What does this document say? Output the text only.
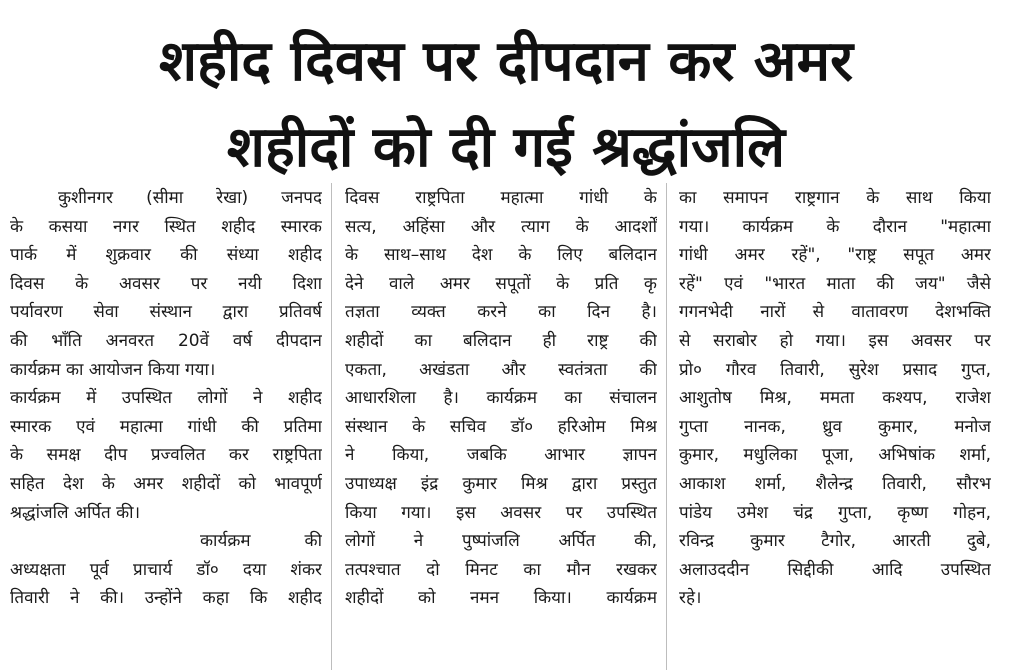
शहीद दिवस पर दीपदान कर अमर
शहीदों को दी गई श्रद्धांजलि
कुशीनगर (सीमा रेखा) जनपद
के कसया नगर स्थित शहीद स्मारक
पार्क में शुक्रवार की संध्या शहीद
दिवस के अवसर पर नयी दिशा
पर्यावरण सेवा संस्थान द्वारा प्रतिवर्ष
की भाँति अनवरत 20वें वर्ष दीपदान
कार्यक्रम का आयोजन किया गया।
कार्यक्रम में उपस्थित लोगों ने शहीद
स्मारक एवं महात्मा गांधी की प्रतिमा
के समक्ष दीप प्रज्वलित कर राष्ट्रपिता
सहित देश के अमर शहीदों को भावपूर्ण
श्रद्धांजलि अर्पित की।
कार्यक्रम की
अध्यक्षता पूर्व प्राचार्य डॉ० दया शंकर
तिवारी ने की। उन्होंने कहा कि शहीद
दिवस राष्ट्रपिता महात्मा गांधी के
सत्य, अहिंसा और त्याग के आदर्शों
के साथ–साथ देश के लिए बलिदान
देने वाले अमर सपूतों के प्रति कृ
तज्ञता व्यक्त करने का दिन है।
शहीदों का बलिदान ही राष्ट्र की
एकता, अखंडता और स्वतंत्रता की
आधारशिला है। कार्यक्रम का संचालन
संस्थान के सचिव डॉ० हरिओम मिश्र
ने किया, जबकि आभार ज्ञापन
उपाध्यक्ष इंद्र कुमार मिश्र द्वारा प्रस्तुत
किया गया। इस अवसर पर उपस्थित
लोगों ने पुष्पांजलि अर्पित की,
तत्पश्चात दो मिनट का मौन रखकर
शहीदों को नमन किया। कार्यक्रम
का समापन राष्ट्रगान के साथ किया
गया। कार्यक्रम के दौरान "महात्मा
गांधी अमर रहें", "राष्ट्र सपूत अमर
रहें" एवं "भारत माता की जय" जैसे
गगनभेदी नारों से वातावरण देशभक्ति
से सराबोर हो गया। इस अवसर पर
प्रो० गौरव तिवारी, सुरेश प्रसाद गुप्त,
आशुतोष मिश्र, ममता कश्यप, राजेश
गुप्ता नानक, ध्रुव कुमार, मनोज
कुमार, मधुलिका पूजा, अभिषांक शर्मा,
आकाश शर्मा, शैलेन्द्र तिवारी, सौरभ
पांडेय उमेश चंद्र गुप्ता, कृष्ण गोहन,
रविन्द्र कुमार टैगोर, आरती दुबे,
अलाउददीन सिद्दीकी आदि उपस्थित
रहे।
